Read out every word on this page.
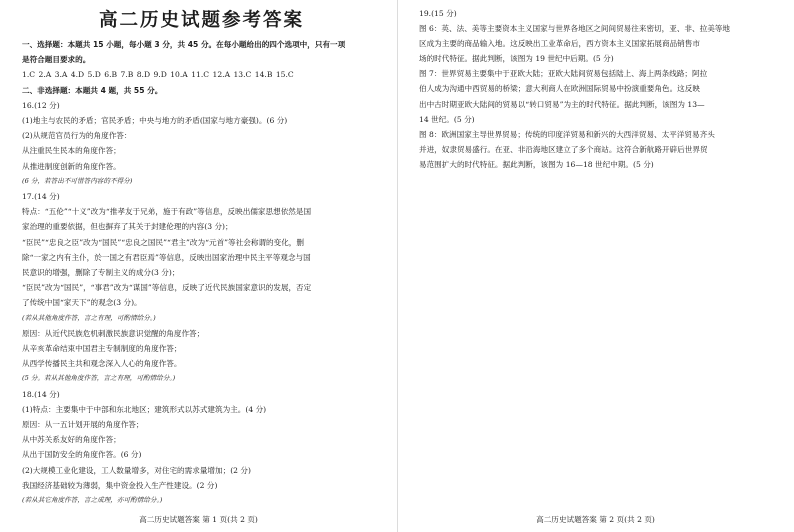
高二历史试题参考答案
一、选择题：本题共 15 小题，每小题 3 分，共 45 分。在每小题给出的四个选项中，只有一项
是符合题目要求的。
1.C 2.A 3.A 4.D 5.D 6.B 7.B 8.D 9.D 10.A 11.C 12.A 13.C 14.B 15.C
二、非选择题：本题共 4 题，共 55 分。
16.(12 分)
(1)地主与农民的矛盾；官民矛盾；中央与地方的矛盾(国家与地方豪强)。(6 分)
(2)从规范官员行为的角度作答：
从注重民生民本的角度作答；
从推进制度创新的角度作答。
(6 分，若答出不可惜答内容的不得分)
17.(14 分)
特点：“五伦”“十义”改为“推孝友于兄弟，施于有政”等信息，反映出儒家思想依然是国
家治理的重要依据，但也摒弃了其关于封建伦理的内容(3 分)；
“臣民”“忠良之臣”改为“国民”“忠良之国民”“君主”改为“元首”等社会称谓的变化，删
除“一家之内有主仆，於一国之有君臣焉”等信息，反映出国家治理中民主平等观念与国
民意识的增强，删除了专制主义的成分(3 分)；
“臣民”改为“国民”，“事君”改为“谋国”等信息，反映了近代民族国家意识的发展，否定
了传统中国“家天下”的观念(3 分)。
(若从其他角度作答，言之有理，可酌情给分。)
原因：从近代民族危机刺激民族意识觉醒的角度作答；
从辛亥革命结束中国君主专制制度的角度作答；
从西学传播民主共和观念深入人心的角度作答。
(5 分。若从其他角度作答，言之有理，可酌情给分。)
18.(14 分)
(1)特点：主要集中于中部和东北地区；建筑形式以苏式建筑为主。(4 分)
原因：从一五计划开展的角度作答；
从中苏关系友好的角度作答；
从出于国防安全的角度作答。(6 分)
(2)大规模工业化建设，工人数量增多，对住宅的需求量增加；(2 分)
我国经济基础较为薄弱，集中资金投入生产性建设。(2 分)
(若从其它角度作答，言之成理，亦可酌情给分。)
高二历史试题答案 第 1 页(共 2 页)
19.(15 分)
图 6：英、法、美等主要资本主义国家与世界各地区之间间贸易往来密切，亚、非、拉美等地
区成为主要的商品输入地。这反映出工业革命后，西方资本主义国家拓展商品销售市
场的时代特征。据此判断，该图为 19 世纪中后期。(5 分)
图 7：世界贸易主要集中于亚欧大陆；亚欧大陆间贸易包括陆上、海上两条线路；阿拉
伯人成为沟通中西贸易的桥梁；意大利商人在欧洲国际贸易中扮演重要角色。这反映
出中古时期亚欧大陆间的贸易以“转口贸易”为主的时代特征。据此判断，该图为 13—
14 世纪。(5 分)
图 8：欧洲国家主导世界贸易；传统的印度洋贸易和新兴的大西洋贸易、太平洋贸易齐头
并进，奴隶贸易盛行。在亚、非沿海地区建立了多个商站。这符合新航路开辟后世界贸
易范围扩大的时代特征。据此判断，该图为 16—18 世纪中期。(5 分)
高二历史试题答案 第 2 页(共 2 页)
